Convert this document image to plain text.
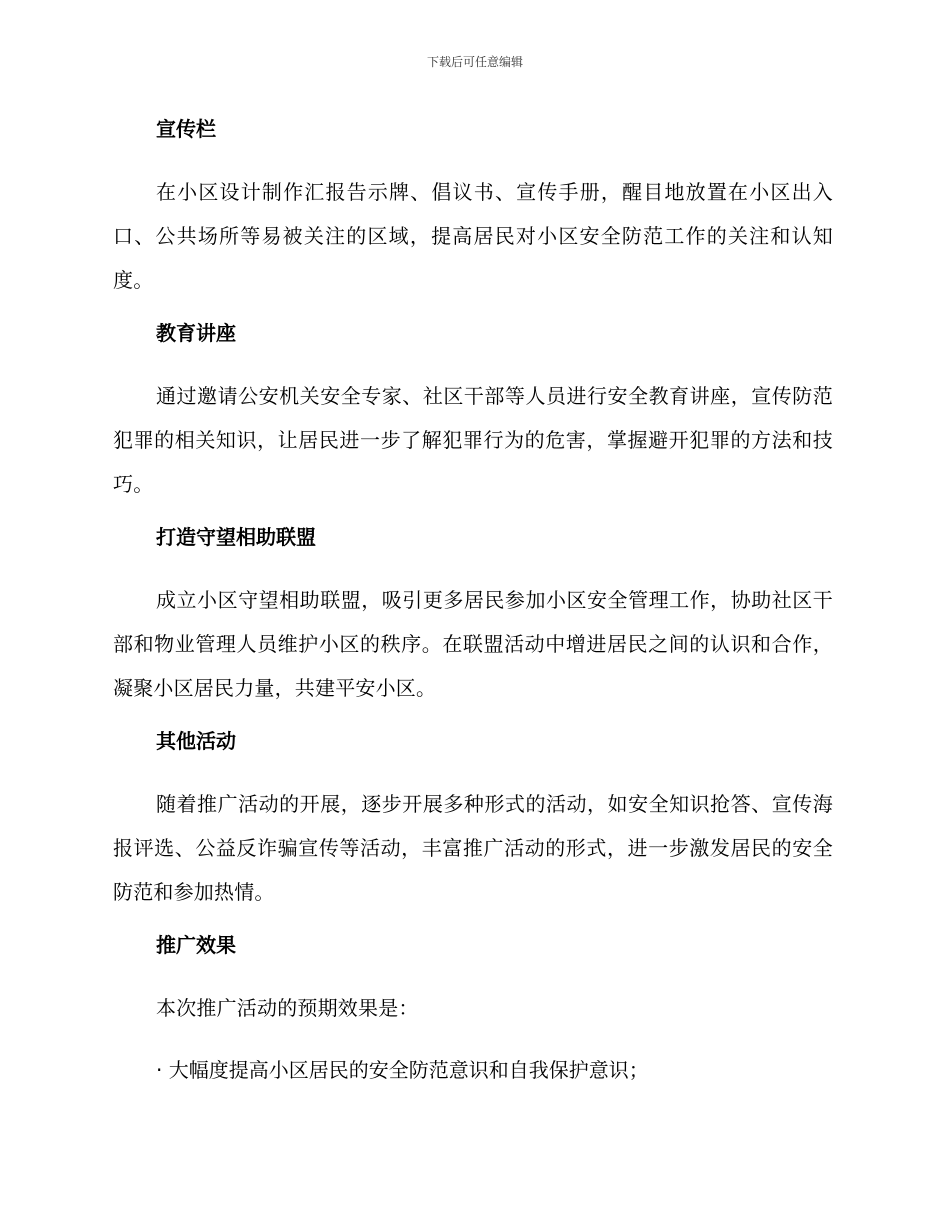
下载后可任意编辑
宣传栏

在小区设计制作汇报告示牌、倡议书、宣传手册，醒目地放置在小区出入口、公共场所等易被关注的区域，提高居民对小区安全防范工作的关注和认知度。

教育讲座

通过邀请公安机关安全专家、社区干部等人员进行安全教育讲座，宣传防范犯罪的相关知识，让居民进一步了解犯罪行为的危害，掌握避开犯罪的方法和技巧。

打造守望相助联盟

成立小区守望相助联盟，吸引更多居民参加小区安全管理工作，协助社区干部和物业管理人员维护小区的秩序。在联盟活动中增进居民之间的认识和合作，凝聚小区居民力量，共建平安小区。

其他活动

随着推广活动的开展，逐步开展多种形式的活动，如安全知识抢答、宣传海报评选、公益反诈骗宣传等活动，丰富推广活动的形式，进一步激发居民的安全防范和参加热情。

推广效果

本次推广活动的预期效果是：

· 大幅度提高小区居民的安全防范意识和自我保护意识；
